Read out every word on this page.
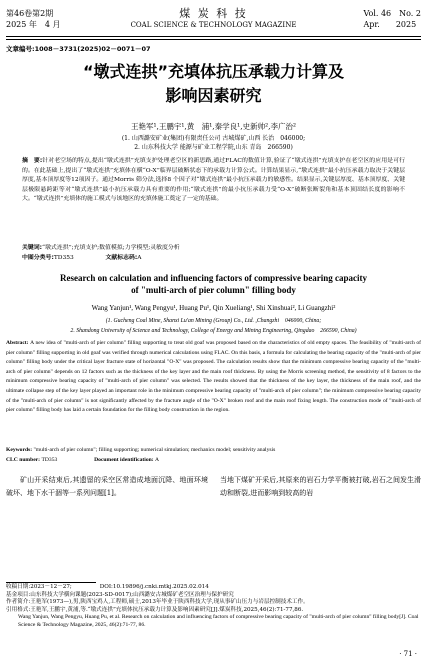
第46卷第2期
2025 年　4 月
煤 炭 科 技
COAL SCIENCE & TECHNOLOGY MAGAZINE
Vol. 46　No. 2
Apr.　　2025
文章编号:1008－3731(2025)02－0071－07
“墩式连拱”充填体抗压承载力计算及
影响因素研究
王艳军¹,王鹏宇¹,黄　浦¹,秦学良¹,史新帅²,李广治²
(1. 山西潞安矿业(集团)有限责任公司 古城煤矿,山西 长治　046000;
2. 山东科技大学 能源与矿业工程学院,山东 青岛　266590)
摘　要:针对老空场的特点,提出“墩式连拱”充填支护处理老空区的新思路,通过FLAC的数值计算,验证了“墩式连拱”充填支护在老空区的应用是可行的。在此基础上,提出了“墩式连拱”充填体在横“O-X”临界层破断状态下的承载力计算公式。计算结果显示,“墩式连拱”最小抗压承载力取决于关键层厚度,基本顶厚度等12项因子。通过Morris 筛分法,选择8 个因子对“墩式连拱”最小抗压承载力的敏感性。结果显示,关键层厚度、基本顶厚度、关键层极限悬跨距等对“墩式连拱”最小抗压承载力具有重要的作用;“墩式连拱”的最小抗压承载力受“O-X”破断张断裂角和基本顶固结长度的影响不大。“墩式连拱”充填体的施工模式与该地区的充填体施工奠定了一定的基础。
关键词:“墩式连拱”;充填支护;数值模拟;力学模型;灵敏度分析
中图分类号:TD353	文献标志码:A
Research on calculation and influencing factors of compressive bearing capacity
of "multi-arch of pier column" filling body
Wang Yanjun¹, Wang Pengyu¹, Huang Pu¹, Qin Xueliang¹, Shi Xinshuai², Li Guangzhi²
(1. Gucheng Coal Mine, Shanxi Lu'an Mining (Group) Co., Ltd. ,Changzhi　046000, China;
2. Shandong University of Science and Technology, College of Energy and Mining Engineering, Qingdao　266590, China)
Abstract: A new idea of "multi-arch of pier column" filling supporting to treat old goaf was proposed based on the characteristics of old empty spaces. The feasibility of "multi-arch of pier column" filling supporting in old goaf was verified through numerical calculations using FLAC. On this basis, a formula for calculating the bearing capacity of the "multi-arch of pier column" filling body under the critical layer fracture state of horizontal "O-X" was proposed. The calculation results show that the minimum compressive bearing capacity of the "multi-arch of pier column" depends on 12 factors such as the thickness of the key layer and the main roof thickness. By using the Morris screening method, the sensitivity of 8 factors to the minimum compressive bearing capacity of "multi-arch of pier column" was selected. The results showed that the thickness of the key layer, the thickness of the main roof, and the ultimate collapse step of the key layer played an important role in the minimum compressive bearing capacity of "multi-arch of pier column"; the minimum compressive bearing capacity of the "multi-arch of pier column" is not significantly affected by the fracture angle of the "O-X" broken roof and the main roof fixing length. The construction mode of "multi-arch of pier column" filling body has laid a certain foundation for the filling body construction in the region.
Keywords: "multi-arch of pier column"; filling supporting; numerical simulation; mechanics model; sensitivity analysis
CLC number: TD353	Document identification: A
矿山开采结束后,其遗留的采空区常造成地面沉降、地面环境破坏、地下水干涸等一系列问题[1]。
当地下煤矿开采后,其原来的岩石力学平衡被打破,岩石之间发生滑动和断裂,进而影响到较高的岩
收稿日期:2023－12－27;　　　　　DOI:10.19896/j.cnki.mtkj.2025.02.014
基金项目:山东科技大学横向课题(2023-SD-0017);山西潞安古城煤矿老空区治理与保护研究
作者简介:王艳军(1973—),男,陕西宝鸡人,工程师,硕士,2013年毕业于陕西科技大学,现从事矿山压力与岩层控制技术工作。
引用格式:王艳军,王鹏宇,黄浦,等.“墩式连拱”充填体抗压承载力计算及影响因素研究[J].煤炭科技,2025,46(2):71-77,86.
Wang Yanjun, Wang Pengyu, Huang Pu, et al. Research on calculation and influencing factors of compressive bearing capacity of "multi-arch of pier column" filling body[J]. Coal Science & Technology Magazine, 2025, 46(2):71-77, 86.
· 71 ·
